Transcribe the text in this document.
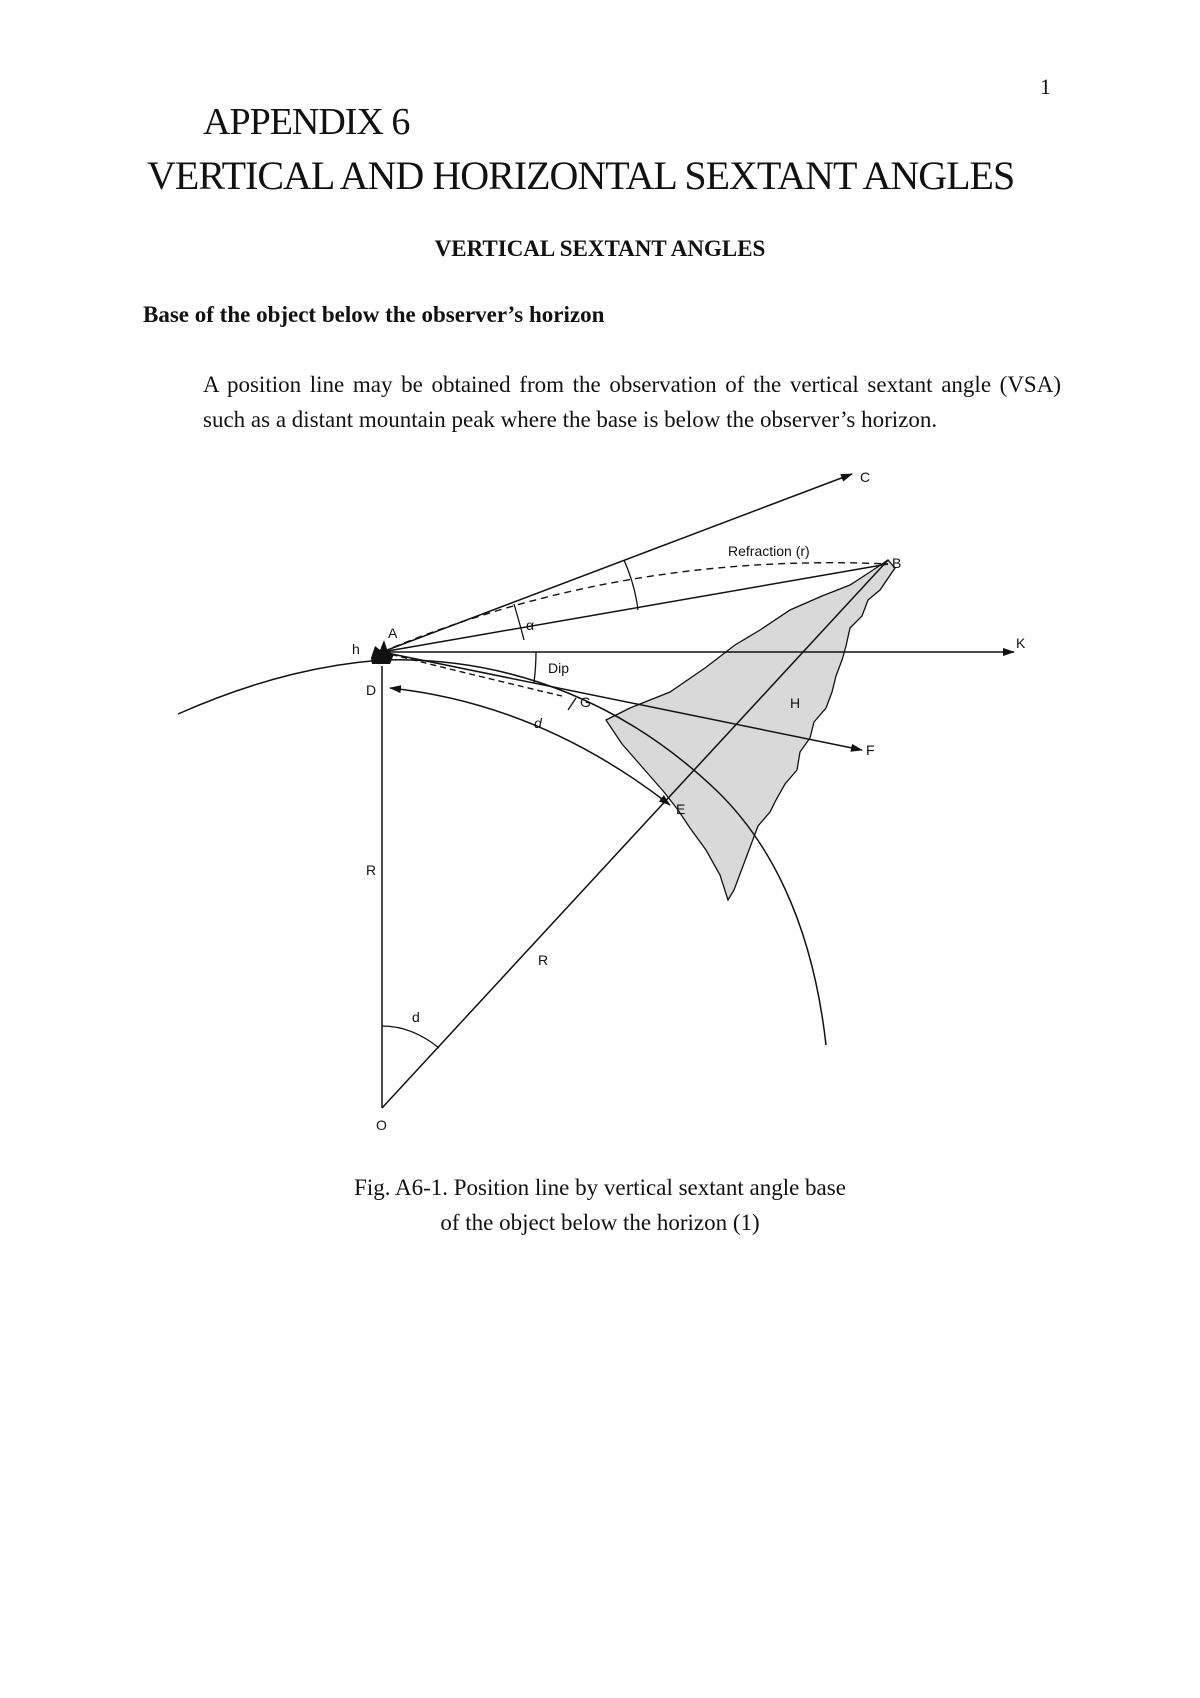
1
APPENDIX 6
VERTICAL AND HORIZONTAL SEXTANT ANGLES
VERTICAL SEXTANT ANGLES
Base of the object below the observer’s horizon
A position line may be obtained from the observation of the vertical sextant angle (VSA) such as a distant mountain peak where the base is below the observer’s horizon.
C
Refraction (r)
B
A	α
h	K
D
Dip
G	H
d
F
E
R
R
d
O
Fig. A6-1. Position line by vertical sextant angle base
of the object below the horizon (1)
